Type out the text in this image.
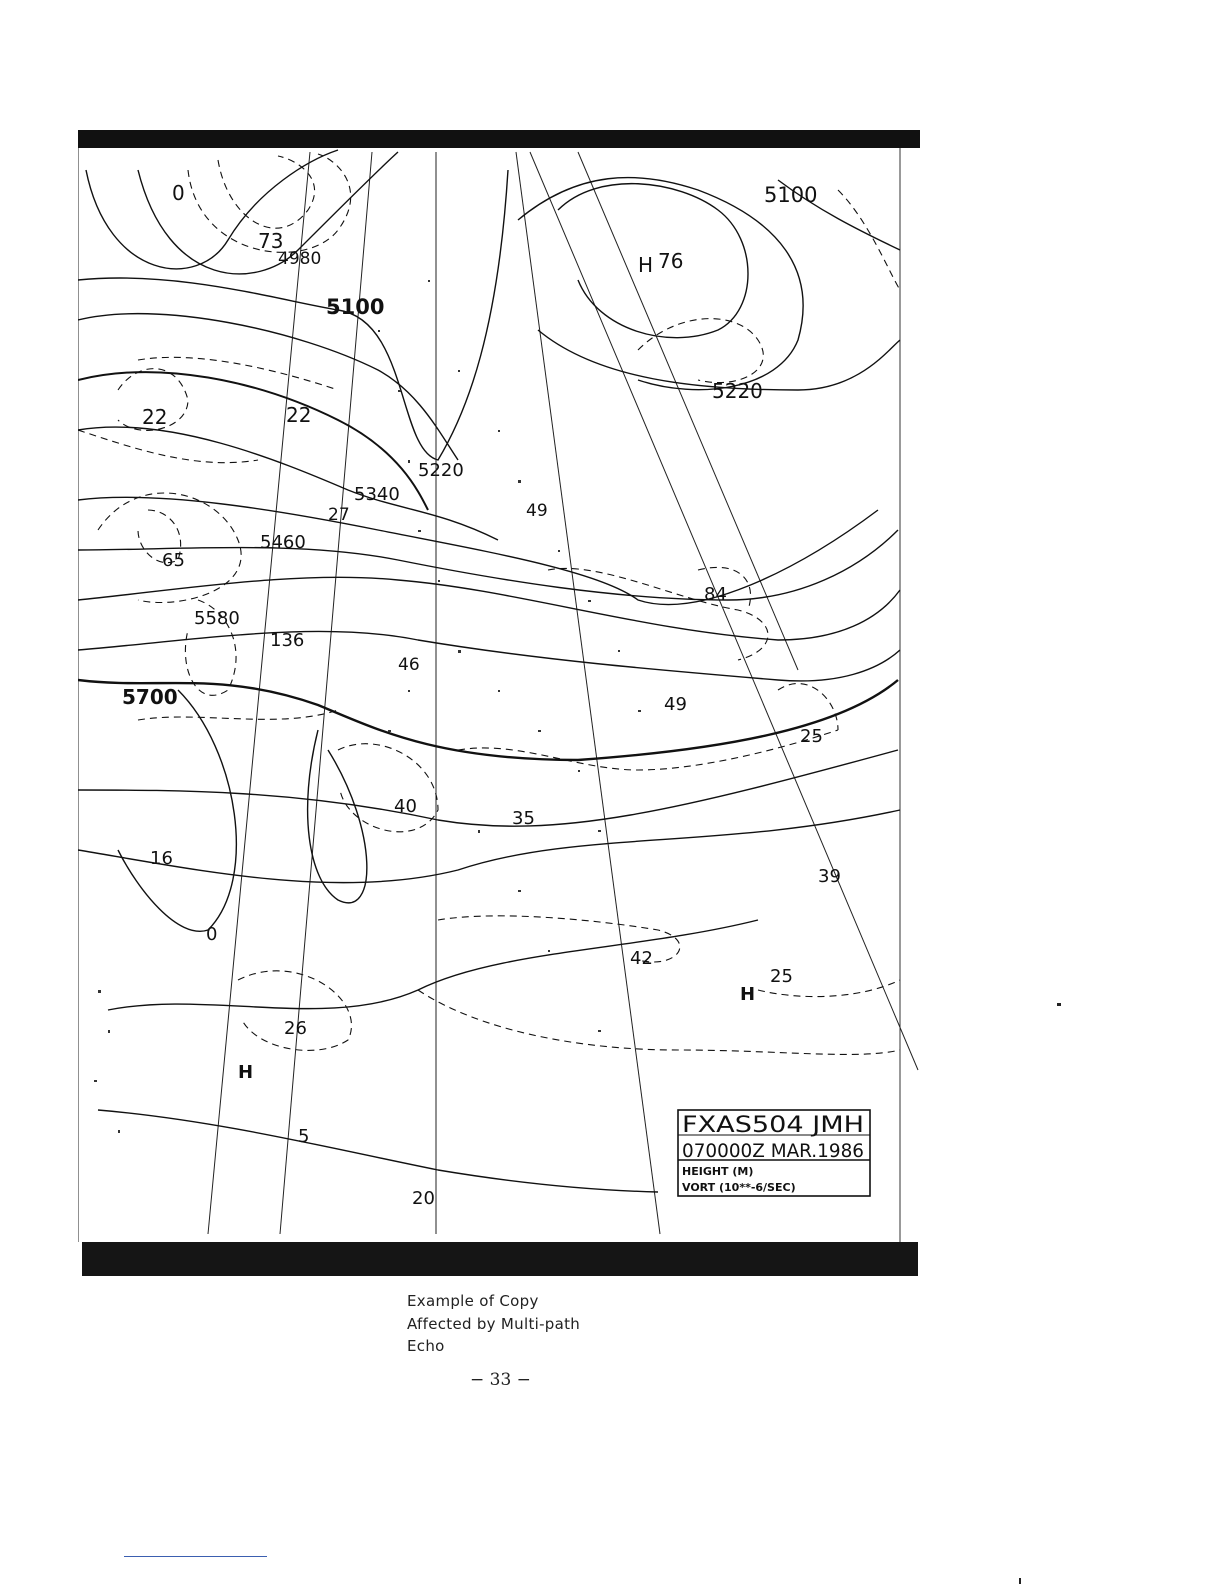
0
73
4980
5100
5100
H 76
5220
22	22
5220
5340
5460
27	49
65
84
5580
136
46
5700	49
25
40
35
16
0
39
42
25
H
26
H
5
20
FXAS504 JMH
070000Z MAR.1986
HEIGHT (M)
VORT (10**-6/SEC)
Example of Copy
Affected by Multi-path
Echo
− 33 −
